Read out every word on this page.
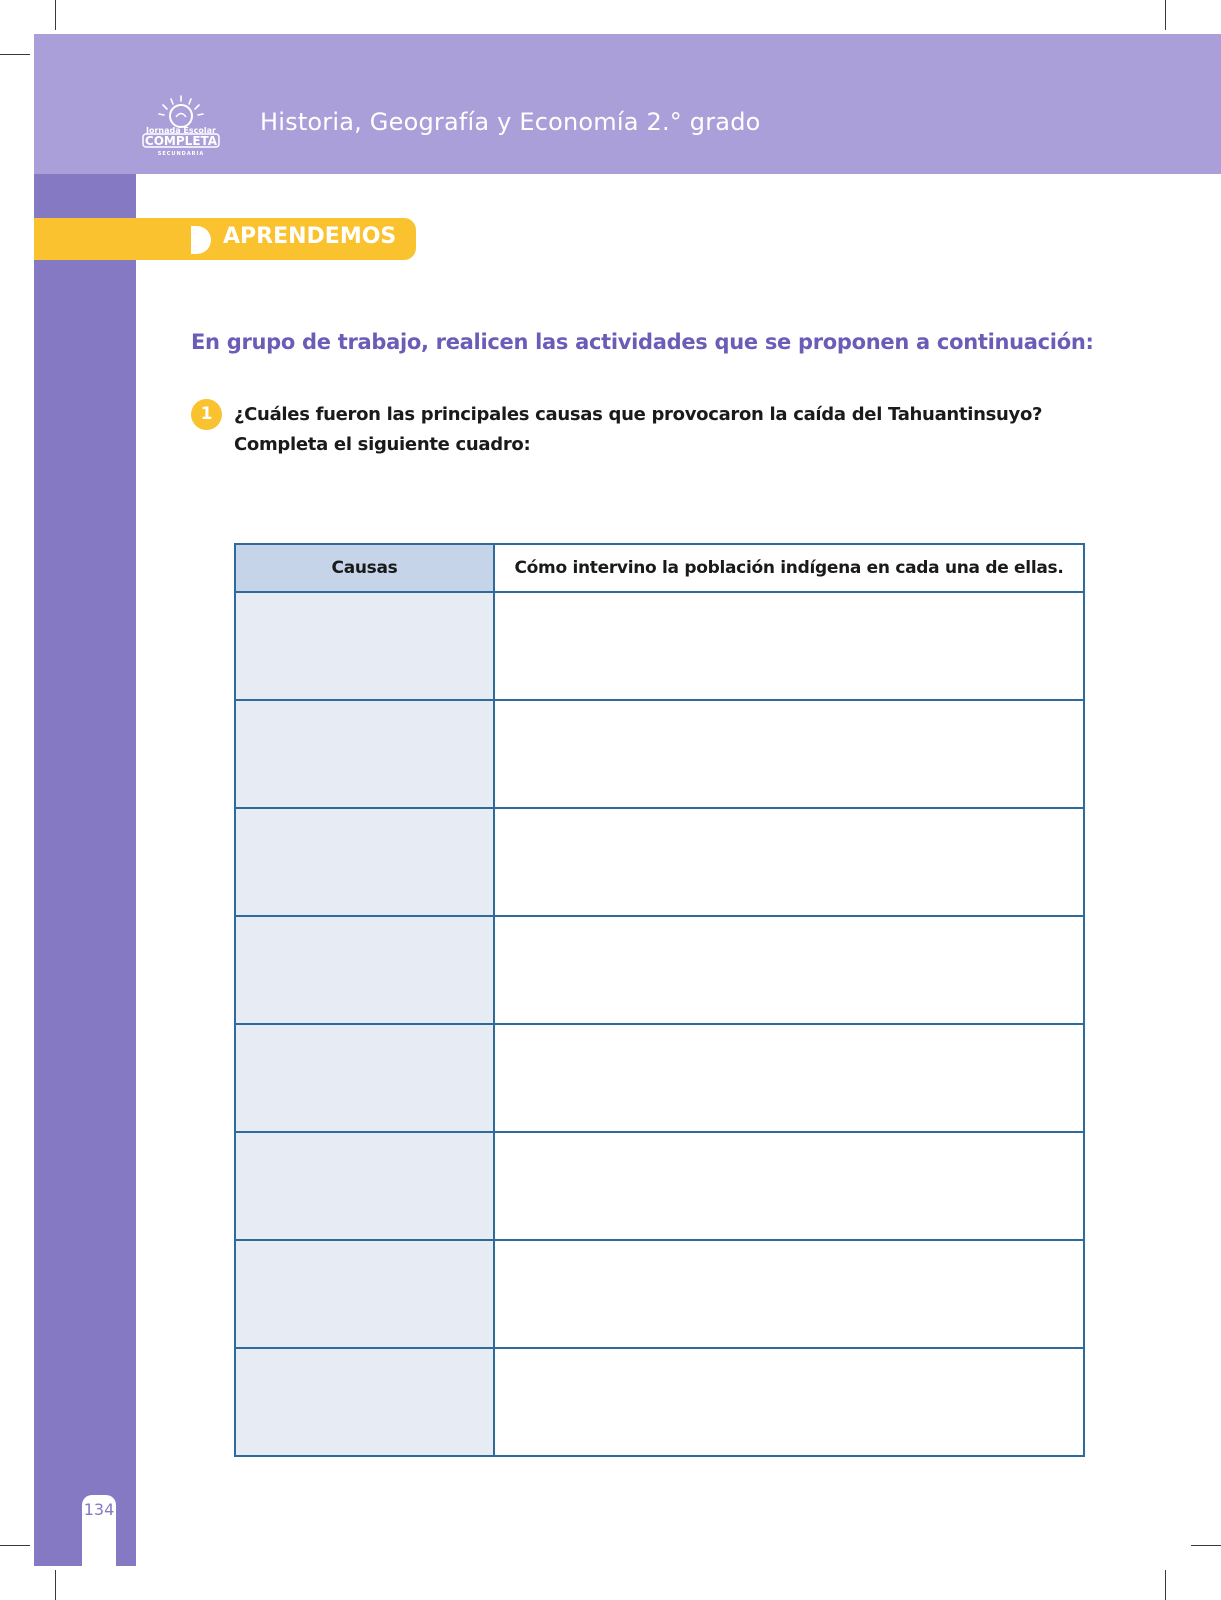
Jornada Escolar
COMPLETA
SECUNDARIA
Historia, Geografía y Economía 2.° grado
134
APRENDEMOS
En grupo de trabajo, realicen las actividades que se proponen a continuación:
1	¿Cuáles fueron las principales causas que provocaron la caída del Tahuantinsuyo? Completa el siguiente cuadro:
Causas	Cómo intervino la población indígena en cada una de ellas.
